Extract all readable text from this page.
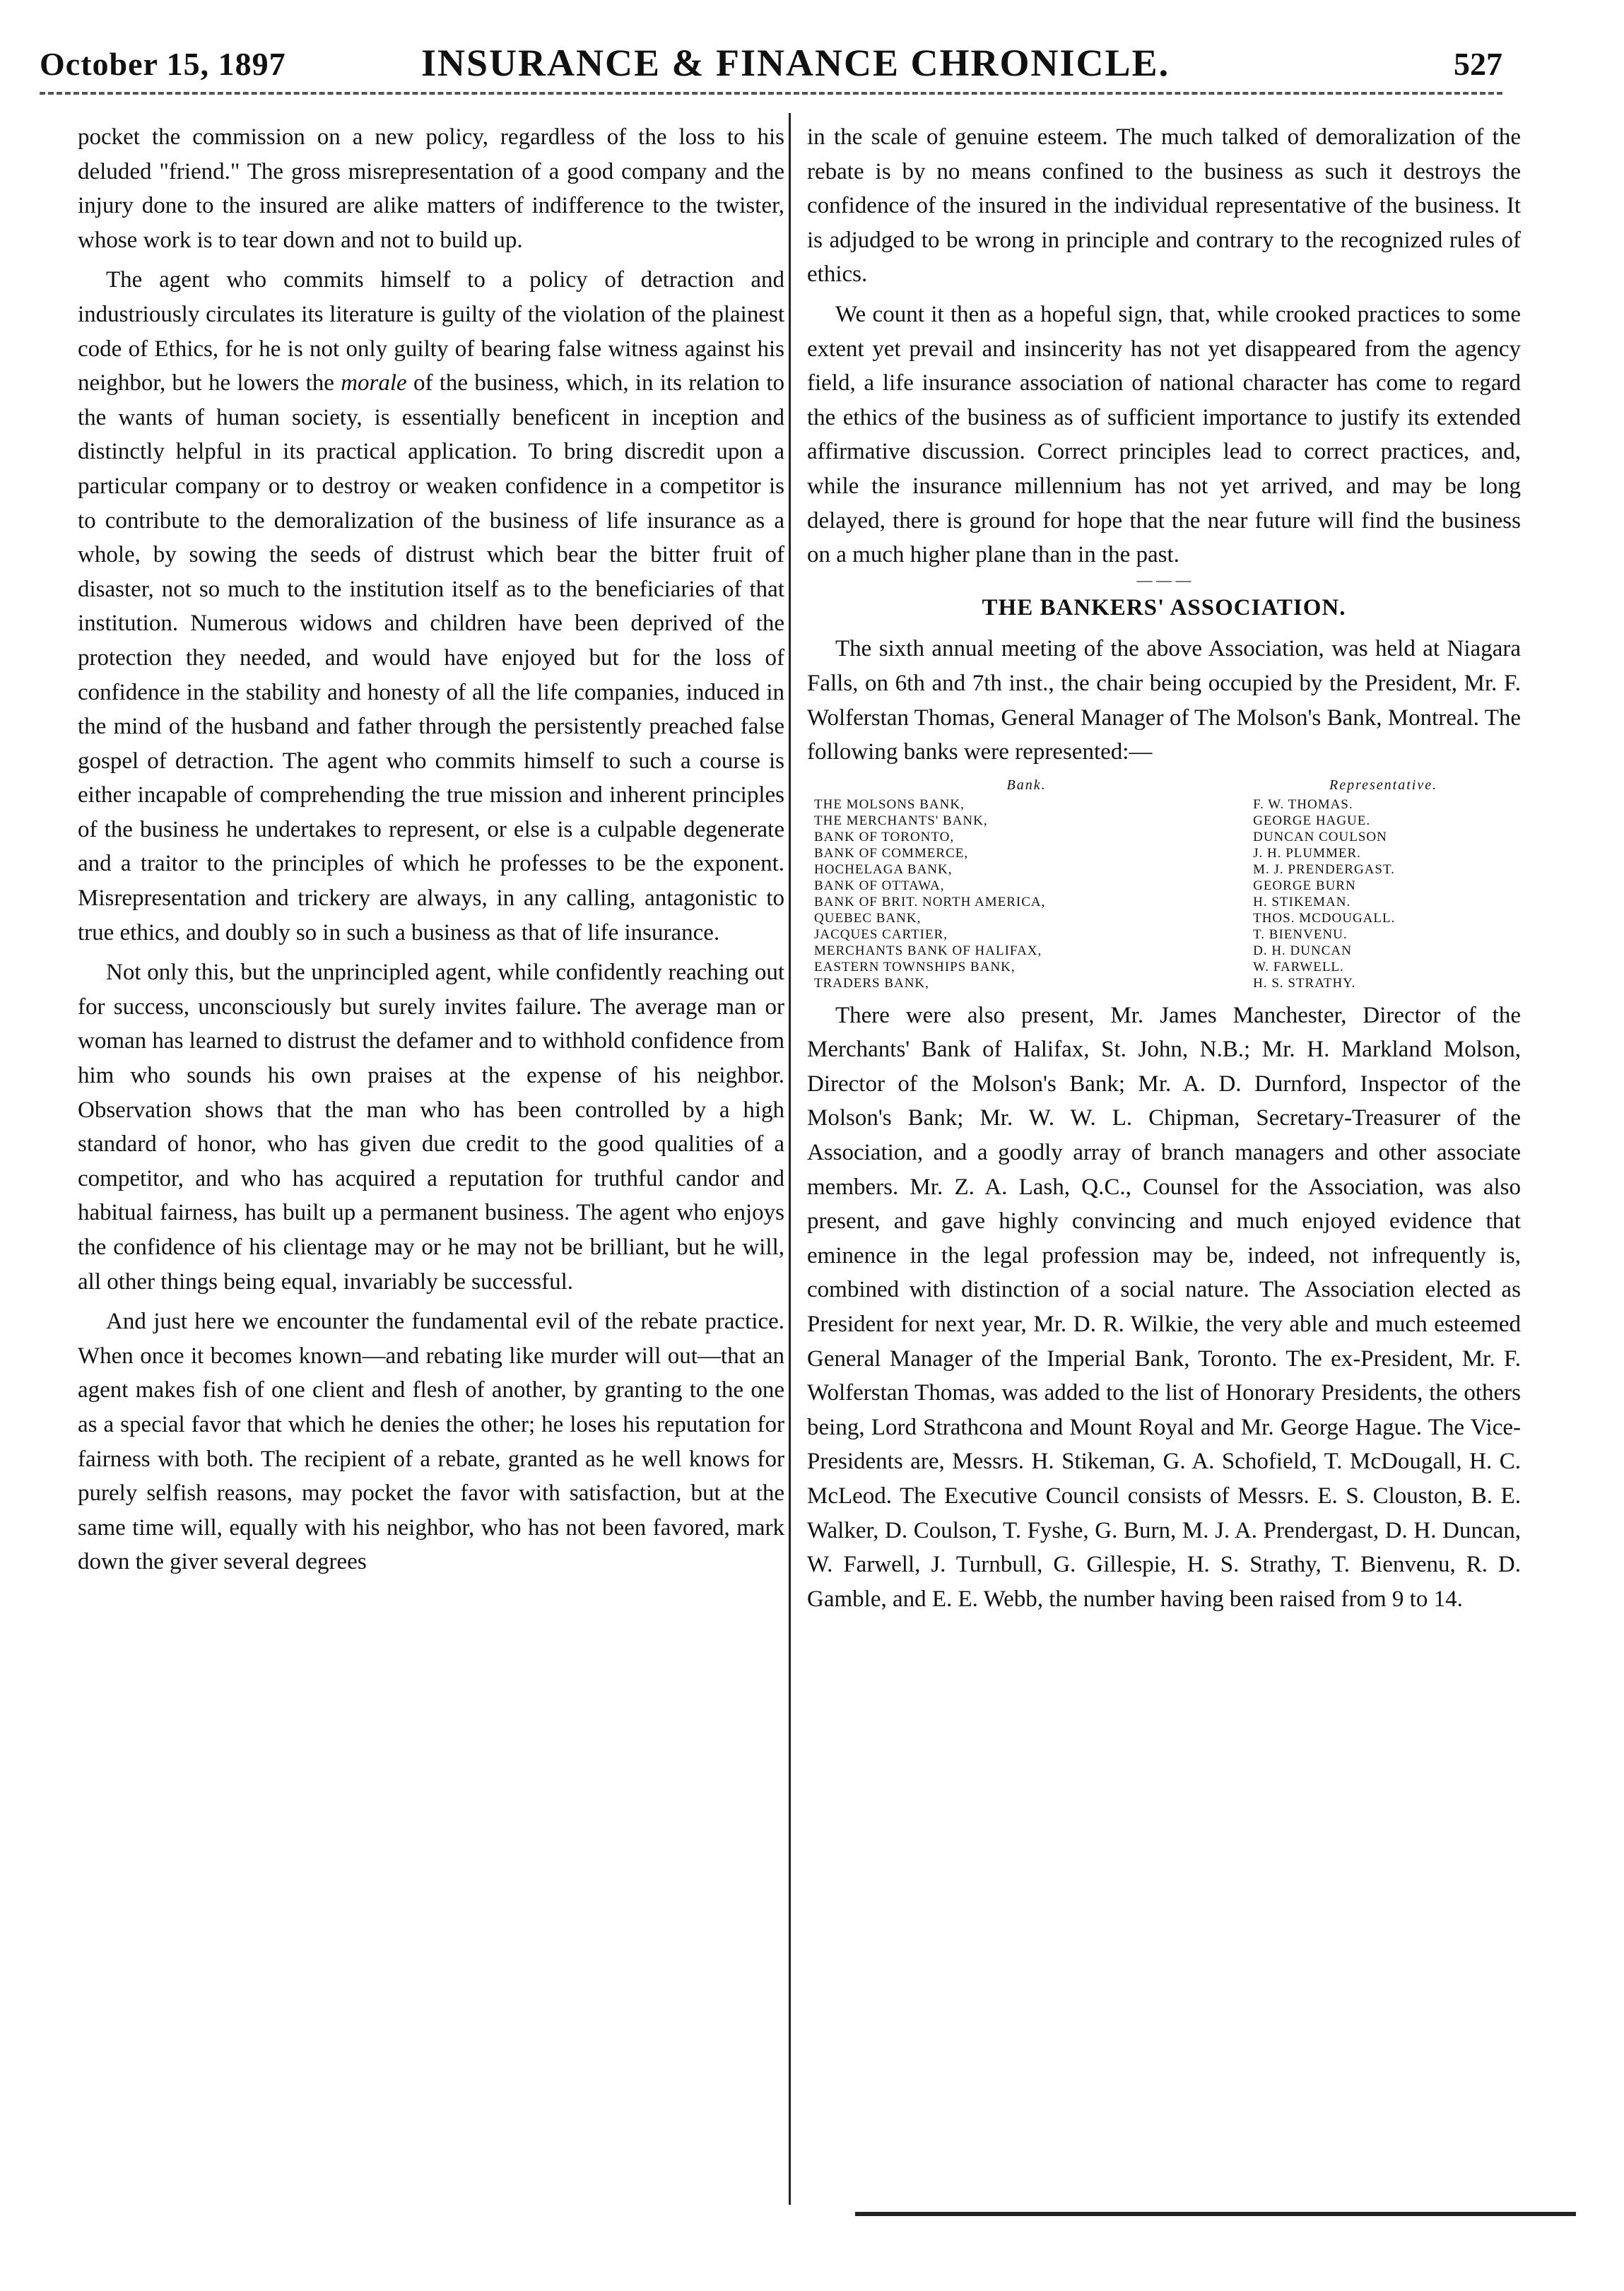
October 15, 1897	INSURANCE & FINANCE CHRONICLE.	527

pocket the commission on a new policy, regardless of the loss to his deluded "friend." The gross misrepresentation of a good company and the injury done to the insured are alike matters of indifference to the twister, whose work is to tear down and not to build up.

The agent who commits himself to a policy of detraction and industriously circulates its literature is guilty of the violation of the plainest code of Ethics, for he is not only guilty of bearing false witness against his neighbor, but he lowers the morale of the business, which, in its relation to the wants of human society, is essentially beneficent in inception and distinctly helpful in its practical application. To bring discredit upon a particular company or to destroy or weaken confidence in a competitor is to contribute to the demoralization of the business of life insurance as a whole, by sowing the seeds of distrust which bear the bitter fruit of disaster, not so much to the institution itself as to the beneficiaries of that institution. Numerous widows and children have been deprived of the protection they needed, and would have enjoyed but for the loss of confidence in the stability and honesty of all the life companies, induced in the mind of the husband and father through the persistently preached false gospel of detraction. The agent who commits himself to such a course is either incapable of comprehending the true mission and inherent principles of the business he undertakes to represent, or else is a culpable degenerate and a traitor to the principles of which he professes to be the exponent. Misrepresentation and trickery are always, in any calling, antagonistic to true ethics, and doubly so in such a business as that of life insurance.

Not only this, but the unprincipled agent, while confidently reaching out for success, unconsciously but surely invites failure. The average man or woman has learned to distrust the defamer and to withhold confidence from him who sounds his own praises at the expense of his neighbor. Observation shows that the man who has been controlled by a high standard of honor, who has given due credit to the good qualities of a competitor, and who has acquired a reputation for truthful candor and habitual fairness, has built up a permanent business. The agent who enjoys the confidence of his clientage may or he may not be brilliant, but he will, all other things being equal, invariably be successful.

And just here we encounter the fundamental evil of the rebate practice. When once it becomes known—and rebating like murder will out—that an agent makes fish of one client and flesh of another, by granting to the one as a special favor that which he denies the other; he loses his reputation for fairness with both. The recipient of a rebate, granted as he well knows for purely selfish reasons, may pocket the favor with satisfaction, but at the same time will, equally with his neighbor, who has not been favored, mark down the giver several degrees

in the scale of genuine esteem. The much talked of demoralization of the rebate is by no means confined to the business as such it destroys the confidence of the insured in the individual representative of the business. It is adjudged to be wrong in principle and contrary to the recognized rules of ethics.

We count it then as a hopeful sign, that, while crooked practices to some extent yet prevail and insincerity has not yet disappeared from the agency field, a life insurance association of national character has come to regard the ethics of the business as of sufficient importance to justify its extended affirmative discussion. Correct principles lead to correct practices, and, while the insurance millennium has not yet arrived, and may be long delayed, there is ground for hope that the near future will find the business on a much higher plane than in the past.

— — —
THE BANKERS' ASSOCIATION.

The sixth annual meeting of the above Association, was held at Niagara Falls, on 6th and 7th inst., the chair being occupied by the President, Mr. F. Wolferstan Thomas, General Manager of The Molson's Bank, Montreal. The following banks were represented:—

Bank.	Representative.
THE MOLSONS BANK,	F. W. THOMAS.
THE MERCHANTS' BANK,	GEORGE HAGUE.
BANK OF TORONTO,	DUNCAN COULSON
BANK OF COMMERCE,	J. H. PLUMMER.
HOCHELAGA BANK,	M. J. PRENDERGAST.
BANK OF OTTAWA,	GEORGE BURN
BANK OF BRIT. NORTH AMERICA,	H. STIKEMAN.
QUEBEC BANK,	THOS. MCDOUGALL.
JACQUES CARTIER,	T. BIENVENU.
MERCHANTS BANK OF HALIFAX,	D. H. DUNCAN
EASTERN TOWNSHIPS BANK,	W. FARWELL.
TRADERS BANK,	H. S. STRATHY.

There were also present, Mr. James Manchester, Director of the Merchants' Bank of Halifax, St. John, N.B.; Mr. H. Markland Molson, Director of the Molson's Bank; Mr. A. D. Durnford, Inspector of the Molson's Bank; Mr. W. W. L. Chipman, Secretary-Treasurer of the Association, and a goodly array of branch managers and other associate members. Mr. Z. A. Lash, Q.C., Counsel for the Association, was also present, and gave highly convincing and much enjoyed evidence that eminence in the legal profession may be, indeed, not infrequently is, combined with distinction of a social nature. The Association elected as President for next year, Mr. D. R. Wilkie, the very able and much esteemed General Manager of the Imperial Bank, Toronto. The ex-President, Mr. F. Wolferstan Thomas, was added to the list of Honorary Presidents, the others being, Lord Strathcona and Mount Royal and Mr. George Hague. The Vice-Presidents are, Messrs. H. Stikeman, G. A. Schofield, T. McDougall, H. C. McLeod. The Executive Council consists of Messrs. E. S. Clouston, B. E. Walker, D. Coulson, T. Fyshe, G. Burn, M. J. A. Prendergast, D. H. Duncan, W. Farwell, J. Turnbull, G. Gillespie, H. S. Strathy, T. Bienvenu, R. D. Gamble, and E. E. Webb, the number having been raised from 9 to 14.
